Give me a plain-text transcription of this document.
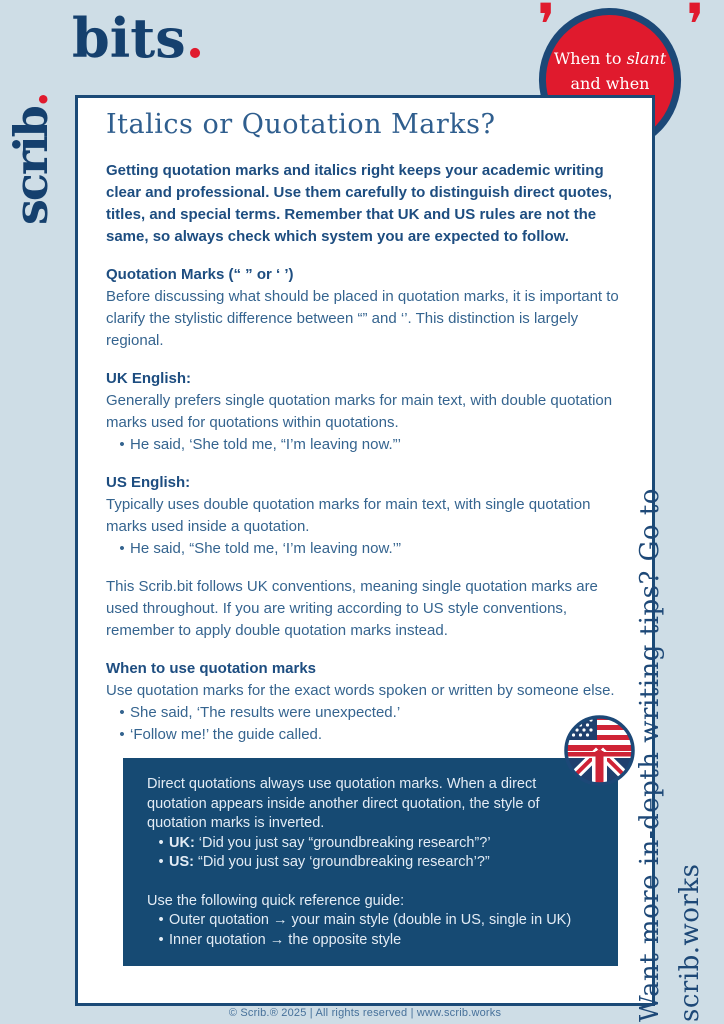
scrib.
bits.	❜ ❜
When to slant
and when
Italics or Quotation Marks?

Getting quotation marks and italics right keeps your academic writing clear and professional. Use them carefully to distinguish direct quotes, titles, and special terms. Remember that UK and US rules are not the same, so always check which system you are expected to follow.

Quotation Marks (“ ” or ‘ ’)

Before discussing what should be placed in quotation marks, it is important to clarify the stylistic difference between “” and ‘’. This distinction is largely regional.

UK English:

Generally prefers single quotation marks for main text, with double quotation marks used for quotations within quotations.

• He said, ‘She told me, “I’m leaving now.”’

US English:

Typically uses double quotation marks for main text, with single quotation marks used inside a quotation.

• He said, “She told me, ‘I’m leaving now.’”

This Scrib.bit follows UK conventions, meaning single quotation marks are used throughout. If you are writing according to US style conventions, remember to apply double quotation marks instead.

When to use quotation marks

Use quotation marks for the exact words spoken or written by someone else.

• She said, ‘The results were unexpected.’
• ‘Follow me!’ the guide called.

Direct quotations always use quotation marks. When a direct quotation appears inside another direct quotation, the style of quotation marks is inverted.

• UK: ‘Did you just say “groundbreaking research”?’
• US: “Did you just say ‘groundbreaking research’?”

Use the following quick reference guide:

• Outer quotation → your main style (double in US, single in UK)
• Inner quotation → the opposite style	Want more in-depth writing tips? Go to scrib.works
© Scrib.® 2025 | All rights reserved | www.scrib.works
